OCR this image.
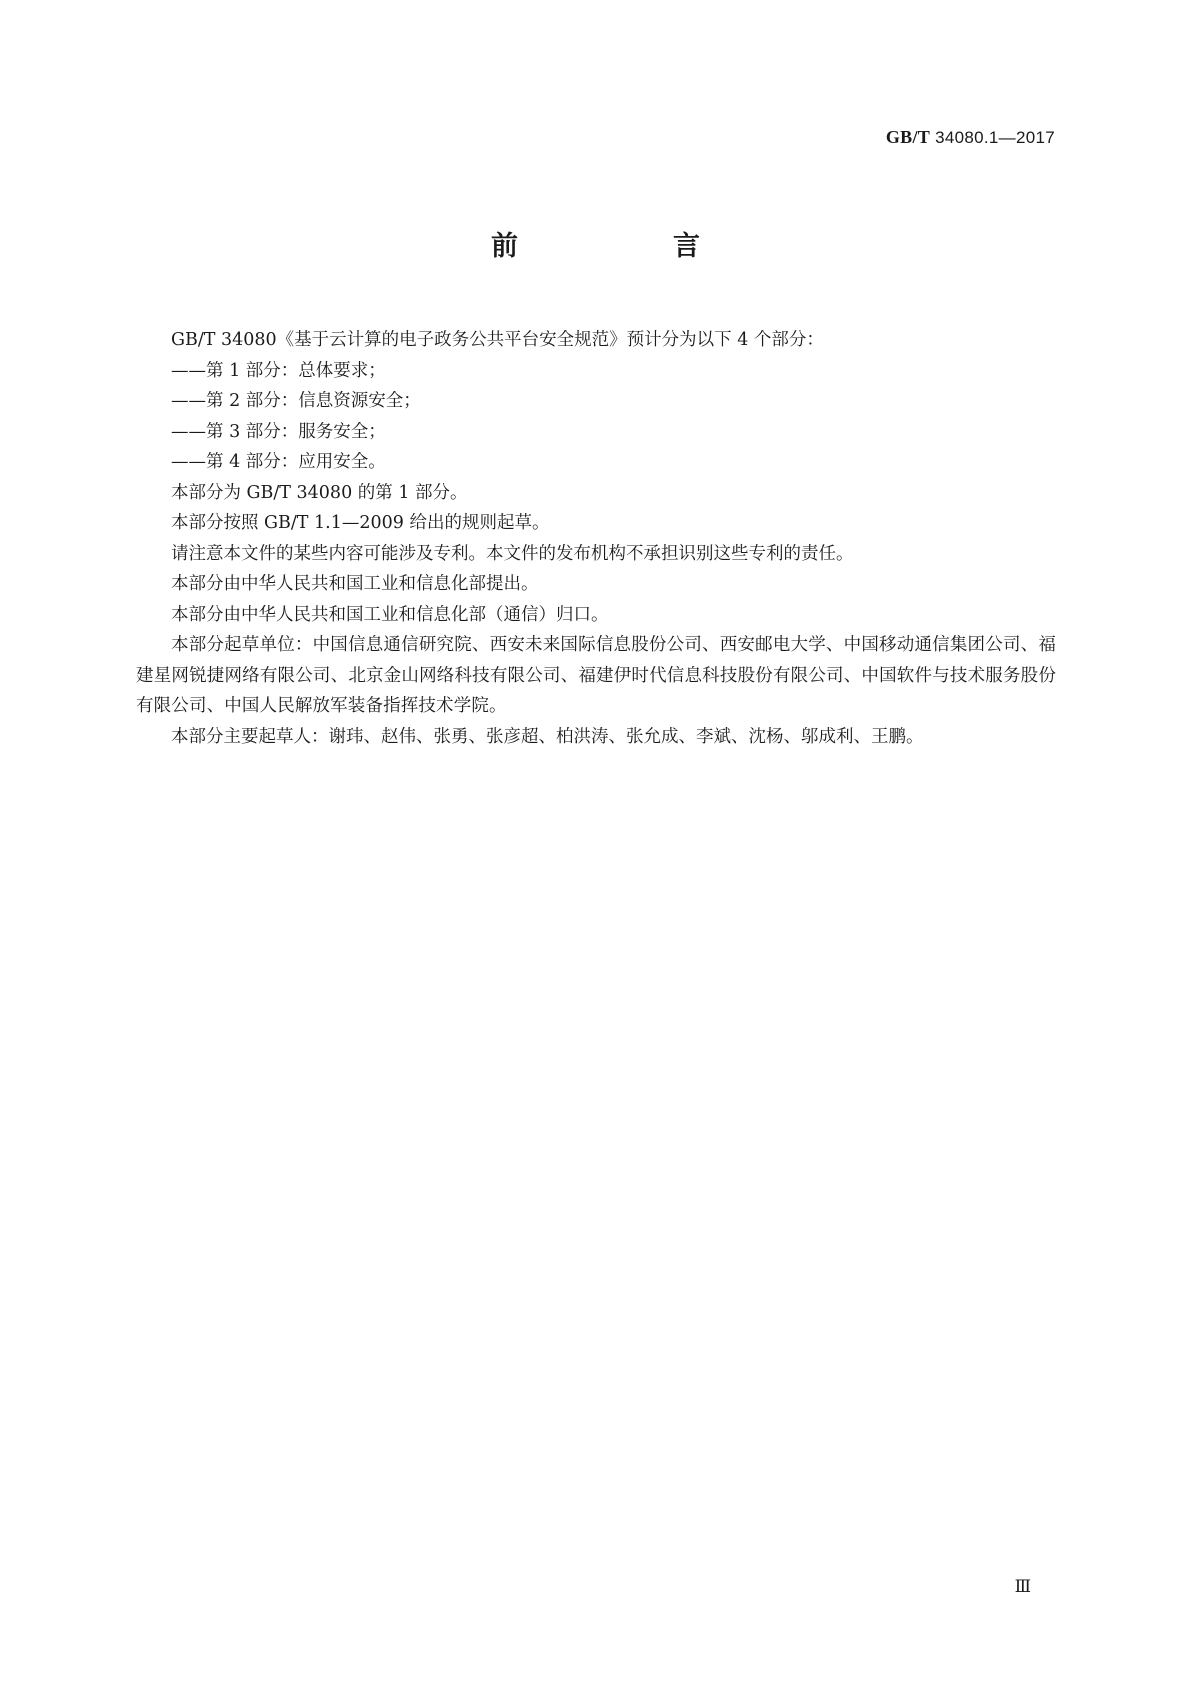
GB/T 34080.1—2017
前　言

GB/T 34080《基于云计算的电子政务公共平台安全规范》预计分为以下 4 个部分：

——第 1 部分：总体要求；

——第 2 部分：信息资源安全；

——第 3 部分：服务安全；

——第 4 部分：应用安全。

本部分为 GB/T 34080 的第 1 部分。

本部分按照 GB/T 1.1—2009 给出的规则起草。

请注意本文件的某些内容可能涉及专利。本文件的发布机构不承担识别这些专利的责任。

本部分由中华人民共和国工业和信息化部提出。

本部分由中华人民共和国工业和信息化部（通信）归口。

本部分起草单位：中国信息通信研究院、西安未来国际信息股份公司、西安邮电大学、中国移动通信集团公司、福建星网锐捷网络有限公司、北京金山网络科技有限公司、福建伊时代信息科技股份有限公司、中国软件与技术服务股份有限公司、中国人民解放军装备指挥技术学院。

本部分主要起草人：谢玮、赵伟、张勇、张彦超、柏洪涛、张允成、李斌、沈杨、邬成利、王鹏。

Ⅲ
